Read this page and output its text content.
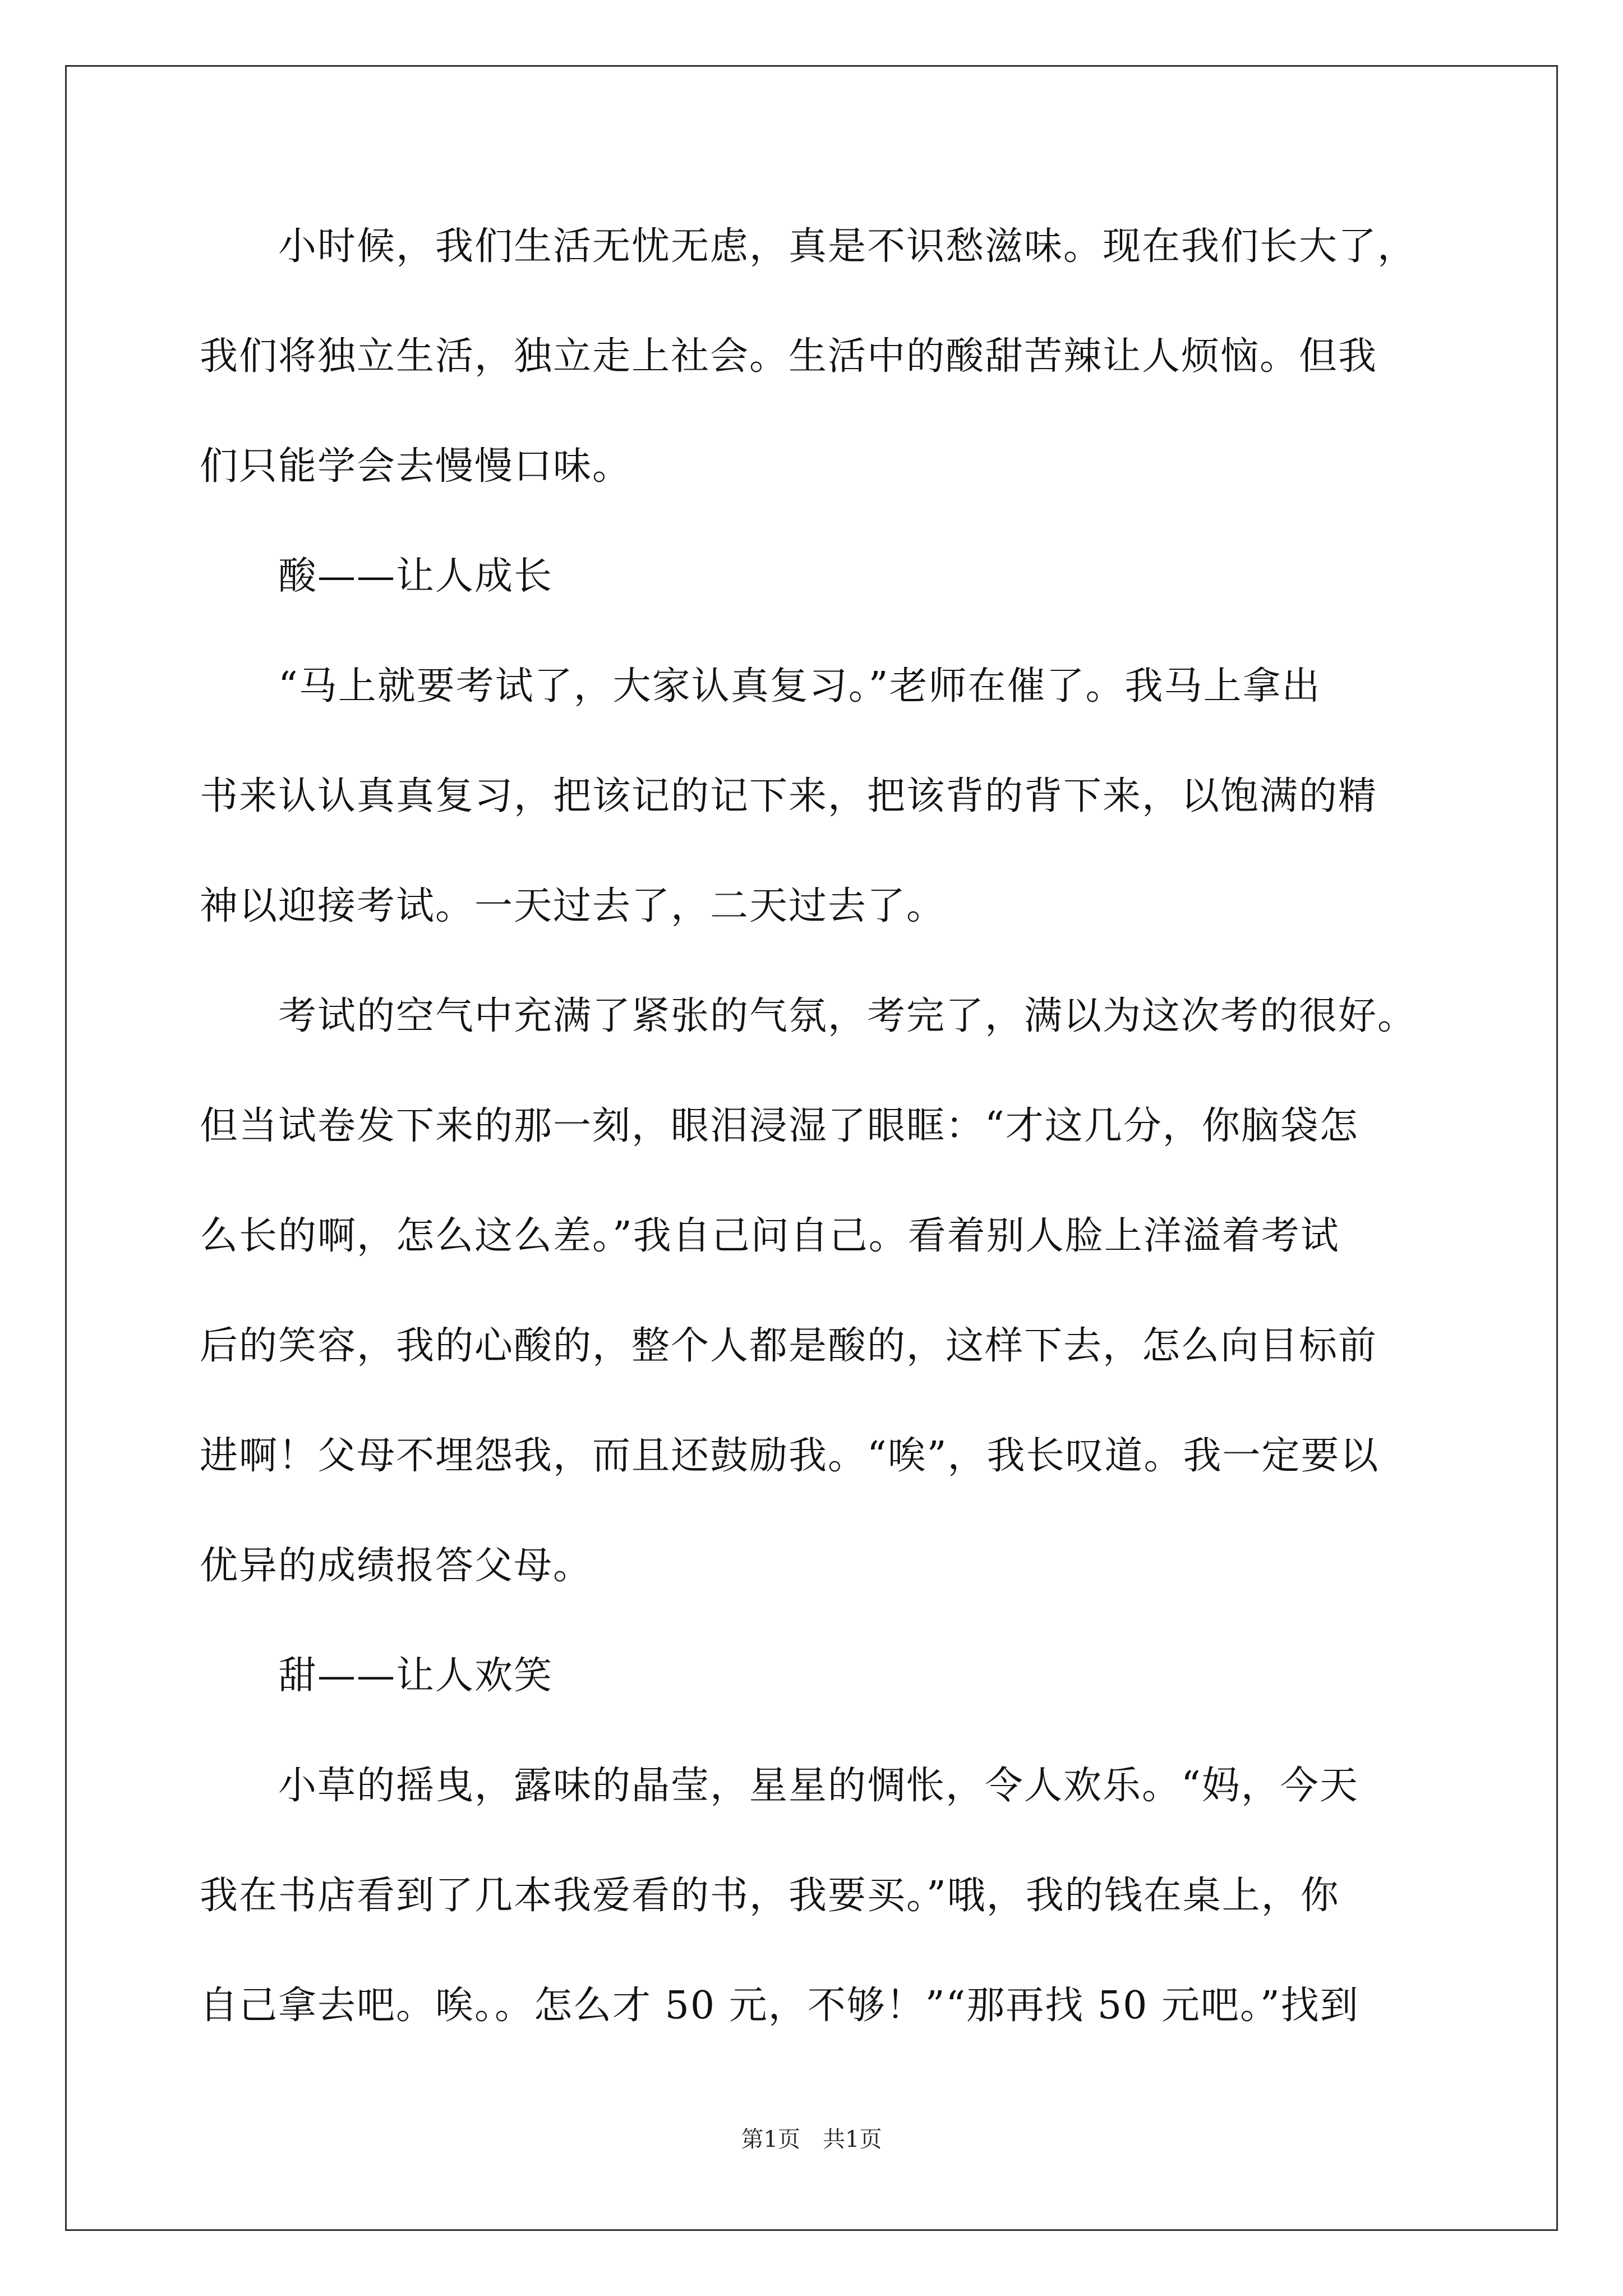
　　小时候，我们生活无忧无虑，真是不识愁滋味。现在我们长大了，
我们将独立生活，独立走上社会。生活中的酸甜苦辣让人烦恼。但我
们只能学会去慢慢口味。
　　酸——让人成长
　　“马上就要考试了，大家认真复习。”老师在催了。我马上拿出
书来认认真真复习，把该记的记下来，把该背的背下来，以饱满的精
神以迎接考试。一天过去了，二天过去了。
　　考试的空气中充满了紧张的气氛，考完了，满以为这次考的很好。
但当试卷发下来的那一刻，眼泪浸湿了眼眶：“才这几分，你脑袋怎
么长的啊，怎么这么差。”我自己问自己。看着别人脸上洋溢着考试
后的笑容，我的心酸的，整个人都是酸的，这样下去，怎么向目标前
进啊！父母不埋怨我，而且还鼓励我。“唉”，我长叹道。我一定要以
优异的成绩报答父母。
　　甜——让人欢笑
　　小草的摇曳，露味的晶莹，星星的惆怅，令人欢乐。“妈，今天
我在书店看到了几本我爱看的书，我要买。”哦，我的钱在桌上，你
自己拿去吧。唉。。怎么才 50 元，不够！”“那再找 50 元吧。”找到
第1页　共1页
